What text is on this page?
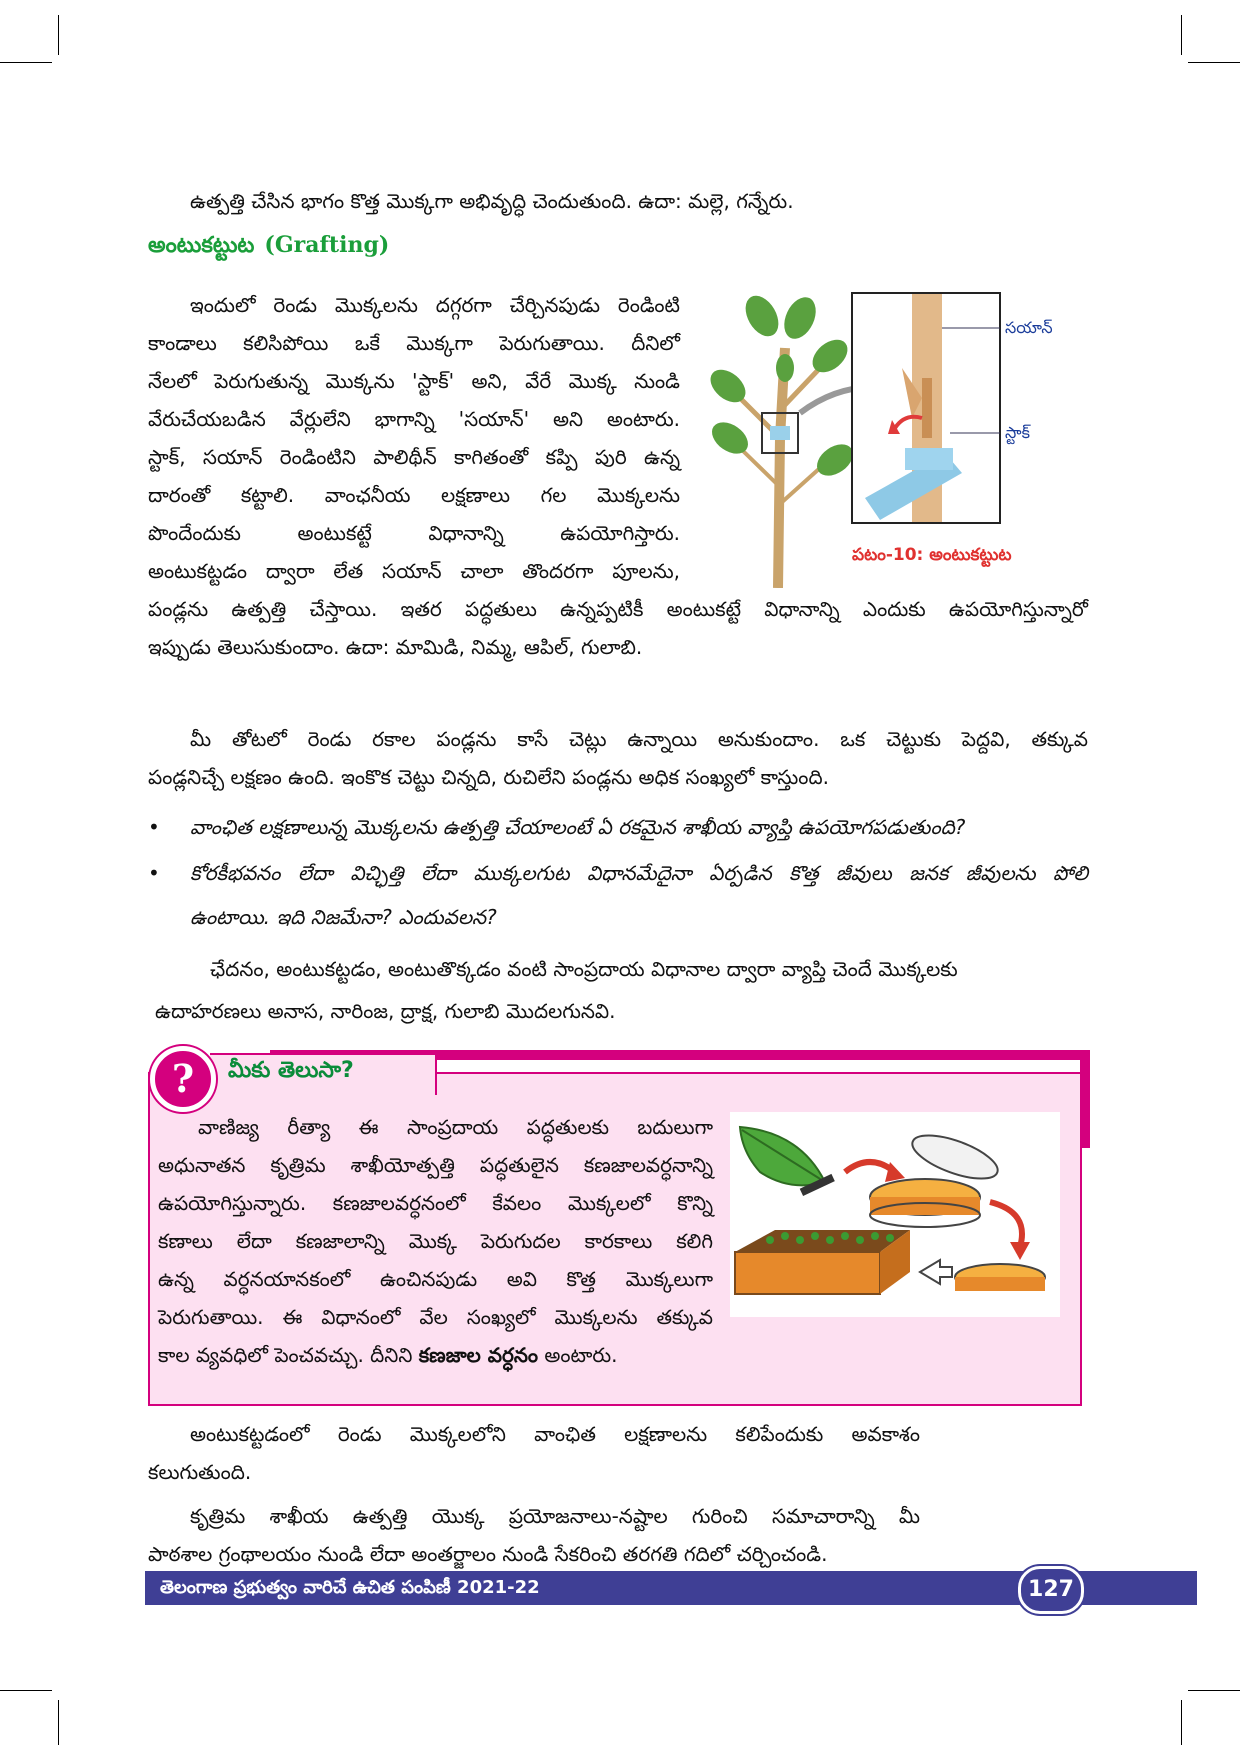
ఉత్పత్తి చేసిన భాగం కొత్త మొక్కగా అభివృద్ధి చెందుతుంది. ఉదా: మల్లె, గన్నేరు.

అంటుకట్టుట (Grafting)

ఇందులో రెండు మొక్కలను దగ్గరగా చేర్చినపుడు రెండింటి

కాండాలు కలిసిపోయి ఒకే మొక్కగా పెరుగుతాయి. దీనిలో

నేలలో పెరుగుతున్న మొక్కను 'స్టాక్' అని, వేరే మొక్క నుండి

వేరుచేయబడిన వేర్లులేని భాగాన్ని 'సయాన్' అని అంటారు.

స్టాక్, సయాన్ రెండింటిని పాలిథీన్ కాగితంతో కప్పి పురి ఉన్న

దారంతో కట్టాలి. వాంఛనీయ లక్షణాలు గల మొక్కలను

పొందేందుకు అంటుకట్టే విధానాన్ని ఉపయోగిస్తారు.

అంటుకట్టడం ద్వారా లేత సయాన్ చాలా తొందరగా పూలను,

పండ్లను ఉత్పత్తి చేస్తాయి. ఇతర పద్ధతులు ఉన్నప్పటికీ అంటుకట్టే విధానాన్ని ఎందుకు ఉపయోగిస్తున్నారో

ఇప్పుడు తెలుసుకుందాం. ఉదా: మామిడి, నిమ్మ, ఆపిల్, గులాబి.

సయాన్
స్టాక్
పటం-10: అంటుకట్టుట

మీ తోటలో రెండు రకాల పండ్లను కాసే చెట్లు ఉన్నాయి అనుకుందాం. ఒక చెట్టుకు పెద్దవి, తక్కువ

పండ్లనిచ్చే లక్షణం ఉంది. ఇంకొక చెట్టు చిన్నది, రుచిలేని పండ్లను అధిక సంఖ్యలో కాస్తుంది.

• వాంఛిత లక్షణాలున్న మొక్కలను ఉత్పత్తి చేయాలంటే ఏ రకమైన శాఖీయ వ్యాప్తి ఉపయోగపడుతుంది?

• కోరకీభవనం లేదా విచ్ఛిత్తి లేదా ముక్కలగుట విధానమేదైనా ఏర్పడిన కొత్త జీవులు జనక జీవులను పోలి

ఉంటాయి. ఇది నిజమేనా? ఎందువలన?

ఛేదనం, అంటుకట్టడం, అంటుతొక్కడం వంటి సాంప్రదాయ విధానాల ద్వారా వ్యాప్తి చెందే మొక్కలకు

ఉదాహరణలు అనాస, నారింజ, ద్రాక్ష, గులాబి మొదలగునవి.

మీకు తెలుసా?
?
వాణిజ్య రీత్యా ఈ సాంప్రదాయ పద్ధతులకు బదులుగా
అధునాతన కృత్రిమ శాఖీయోత్పత్తి పద్ధతులైన కణజాలవర్ధనాన్ని
ఉపయోగిస్తున్నారు. కణజాలవర్ధనంలో కేవలం మొక్కలలో కొన్ని
కణాలు లేదా కణజాలాన్ని మొక్క పెరుగుదల కారకాలు కలిగి
ఉన్న వర్ధనయానకంలో ఉంచినపుడు అవి కొత్త మొక్కలుగా
పెరుగుతాయి. ఈ విధానంలో వేల సంఖ్యలో మొక్కలను తక్కువ
కాల వ్యవధిలో పెంచవచ్చు. దీనిని కణజాల వర్ధనం అంటారు.

అంటుకట్టడంలో రెండు మొక్కలలోని వాంఛిత లక్షణాలను కలిపేందుకు అవకాశం

కలుగుతుంది.

కృత్రిమ శాఖీయ ఉత్పత్తి యొక్క ప్రయోజనాలు-నష్టాల గురించి సమాచారాన్ని మీ

పాఠశాల గ్రంథాలయం నుండి లేదా అంతర్జాలం నుండి సేకరించి తరగతి గదిలో చర్చించండి.

తెలంగాణ ప్రభుత్వం వారిచే ఉచిత పంపిణీ 2021-22	127
